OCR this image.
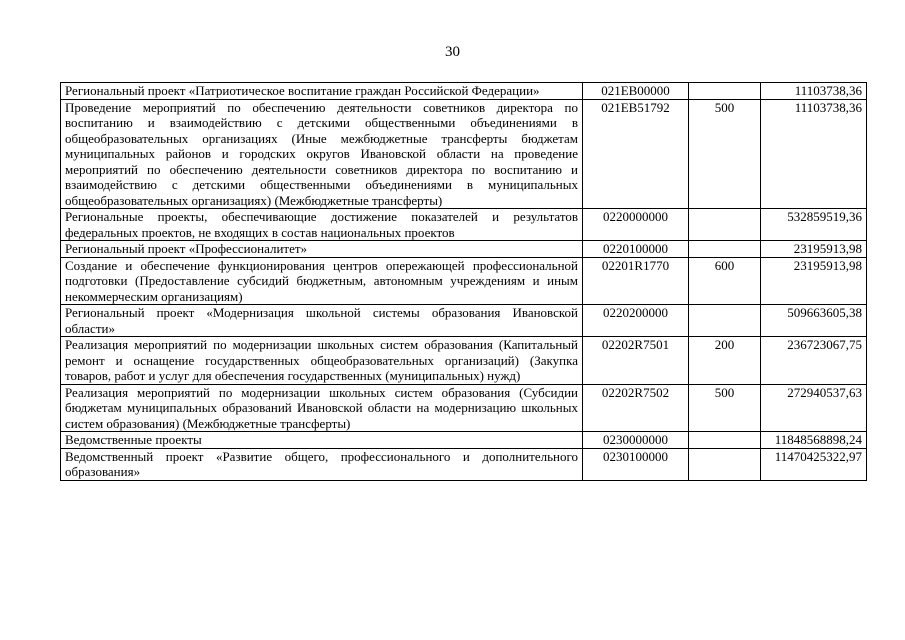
30
Региональный проект «Патриотическое воспитание граждан Российской Федерации»	021EB00000		11103738,36
Проведение мероприятий по обеспечению деятельности советников директора по воспитанию и взаимодействию с детскими общественными объединениями в общеобразовательных организациях (Иные межбюджетные трансферты бюджетам муниципальных районов и городских округов Ивановской области на проведение мероприятий по обеспечению деятельности советников директора по воспитанию и взаимодействию с детскими общественными объединениями в муниципальных общеобразовательных организациях) (Межбюджетные трансферты)	021EB51792	500	11103738,36
Региональные проекты, обеспечивающие достижение показателей и результатов федеральных проектов, не входящих в состав национальных проектов	0220000000		532859519,36
Региональный проект «Профессионалитет»	0220100000		23195913,98
Создание и обеспечение функционирования центров опережающей профессиональной подготовки (Предоставление субсидий бюджетным, автономным учреждениям и иным некоммерческим организациям)	02201R1770	600	23195913,98
Региональный проект «Модернизация школьной системы образования Ивановской области»	0220200000		509663605,38
Реализация мероприятий по модернизации школьных систем образования (Капитальный ремонт и оснащение государственных общеобразовательных организаций) (Закупка товаров, работ и услуг для обеспечения государственных (муниципальных) нужд)	02202R7501	200	236723067,75
Реализация мероприятий по модернизации школьных систем образования (Субсидии бюджетам муниципальных образований Ивановской области на модернизацию школьных систем образования) (Межбюджетные трансферты)	02202R7502	500	272940537,63
Ведомственные проекты	0230000000		11848568898,24
Ведомственный проект «Развитие общего, профессионального и дополнительного образования»	0230100000		11470425322,97
